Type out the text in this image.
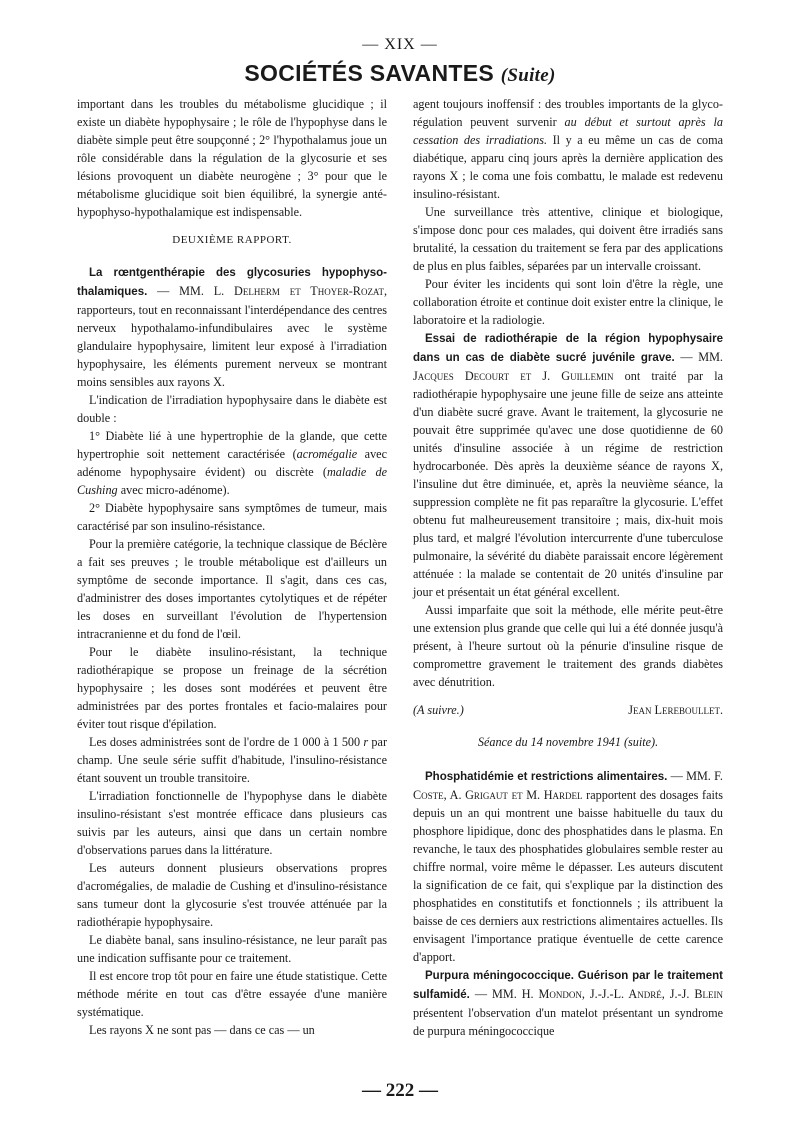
— XIX —
SOCIÉTÉS SAVANTES (Suite)

important dans les troubles du métabolisme glucidique ; il existe un diabète hypophysaire ; le rôle de l'hypophyse dans le diabète simple peut être soupçonné ; 2° l'hypothalamus joue un rôle considérable dans la régulation de la glycosurie et ses lésions provoquent un diabète neurogène ; 3° pour que le métabolisme glucidique soit bien équilibré, la synergie anté-hypophyso-hypothalamique est indispensable.

DEUXIÈME RAPPORT.

La rœntgenthérapie des glycosuries hypophyso-thalamiques. — MM. L. Delherm et Thoyer-Rozat, rapporteurs, tout en reconnaissant l'interdépendance des centres nerveux hypothalamo-infundibulaires avec le système glandulaire hypophysaire, limitent leur exposé à l'irradiation hypophysaire, les éléments purement nerveux se montrant moins sensibles aux rayons X.

L'indication de l'irradiation hypophysaire dans le diabète est double :

1° Diabète lié à une hypertrophie de la glande, que cette hypertrophie soit nettement caractérisée (acromégalie avec adénome hypophysaire évident) ou discrète (maladie de Cushing avec micro-adénome).

2° Diabète hypophysaire sans symptômes de tumeur, mais caractérisé par son insulino-résistance.

Pour la première catégorie, la technique classique de Béclère a fait ses preuves ; le trouble métabolique est d'ailleurs un symptôme de seconde importance. Il s'agit, dans ces cas, d'administrer des doses importantes cytolytiques et de répéter les doses en surveillant l'évolution de l'hypertension intracranienne et du fond de l'œil.

Pour le diabète insulino-résistant, la technique radiothérapique se propose un freinage de la sécrétion hypophysaire ; les doses sont modérées et peuvent être administrées par des portes frontales et facio-malaires pour éviter tout risque d'épilation.

Les doses administrées sont de l'ordre de 1 000 à 1 500 r par champ. Une seule série suffit d'habitude, l'insulino-résistance étant souvent un trouble transitoire.

L'irradiation fonctionnelle de l'hypophyse dans le diabète insulino-résistant s'est montrée efficace dans plusieurs cas suivis par les auteurs, ainsi que dans un certain nombre d'observations parues dans la littérature.

Les auteurs donnent plusieurs observations propres d'acromégalies, de maladie de Cushing et d'insulino-résistance sans tumeur dont la glycosurie s'est trouvée atténuée par la radiothérapie hypophysaire.

Le diabète banal, sans insulino-résistance, ne leur paraît pas une indication suffisante pour ce traitement.

Il est encore trop tôt pour en faire une étude statistique. Cette méthode mérite en tout cas d'être essayée d'une manière systématique.

Les rayons X ne sont pas — dans ce cas — un

agent toujours inoffensif : des troubles importants de la glyco-régulation peuvent survenir au début et surtout après la cessation des irradiations. Il y a eu même un cas de coma diabétique, apparu cinq jours après la dernière application des rayons X ; le coma une fois combattu, le malade est redevenu insulino-résistant.

Une surveillance très attentive, clinique et biologique, s'impose donc pour ces malades, qui doivent être irradiés sans brutalité, la cessation du traitement se fera par des applications de plus en plus faibles, séparées par un intervalle croissant.

Pour éviter les incidents qui sont loin d'être la règle, une collaboration étroite et continue doit exister entre la clinique, le laboratoire et la radiologie.

Essai de radiothérapie de la région hypophysaire dans un cas de diabète sucré juvénile grave. — MM. Jacques Decourt et J. Guillemin ont traité par la radiothérapie hypophysaire une jeune fille de seize ans atteinte d'un diabète sucré grave. Avant le traitement, la glycosurie ne pouvait être supprimée qu'avec une dose quotidienne de 60 unités d'insuline associée à un régime de restriction hydrocarbonée. Dès après la deuxième séance de rayons X, l'insuline dut être diminuée, et, après la neuvième séance, la suppression complète ne fit pas reparaître la glycosurie. L'effet obtenu fut malheureusement transitoire ; mais, dix-huit mois plus tard, et malgré l'évolution intercurrente d'une tuberculose pulmonaire, la sévérité du diabète paraissait encore légèrement atténuée : la malade se contentait de 20 unités d'insuline par jour et présentait un état général excellent.

Aussi imparfaite que soit la méthode, elle mérite peut-être une extension plus grande que celle qui lui a été donnée jusqu'à présent, à l'heure surtout où la pénurie d'insuline risque de compromettre gravement le traitement des grands diabètes avec dénutrition.

(A suivre.)	Jean Lereboullet.

Séance du 14 novembre 1941 (suite).

Phosphatidémie et restrictions alimentaires. — MM. F. Coste, A. Grigaut et M. Hardel rapportent des dosages faits depuis un an qui montrent une baisse habituelle du taux du phosphore lipidique, donc des phosphatides dans le plasma. En revanche, le taux des phosphatides globulaires semble rester au chiffre normal, voire même le dépasser. Les auteurs discutent la signification de ce fait, qui s'explique par la distinction des phosphatides en constitutifs et fonctionnels ; ils attribuent la baisse de ces derniers aux restrictions alimentaires actuelles. Ils envisagent l'importance pratique éventuelle de cette carence d'apport.

Purpura méningococcique. Guérison par le traitement sulfamidé. — MM. H. Mondon, J.-J.-L. André, J.-J. Blein présentent l'observation d'un matelot présentant un syndrome de purpura méningococcique

— 222 —
